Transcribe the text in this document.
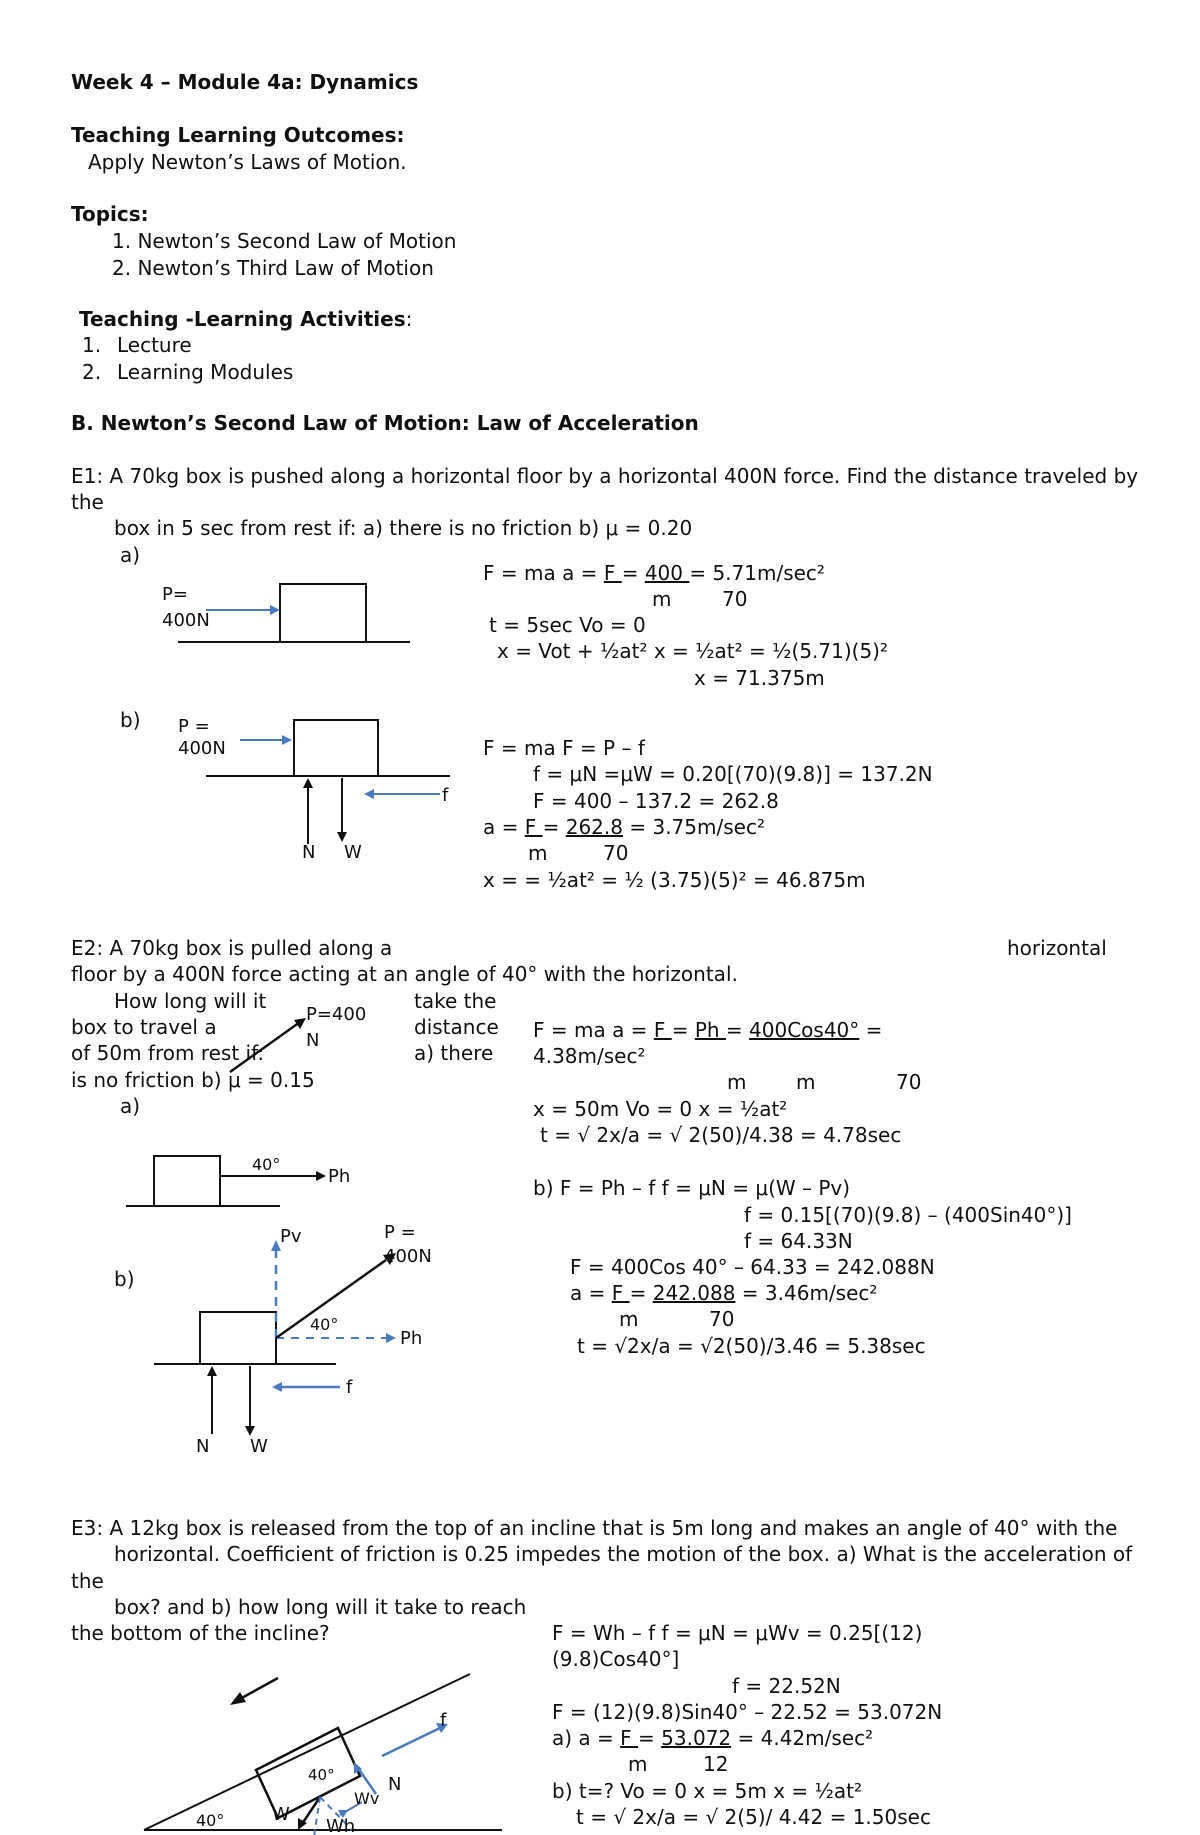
Week 4 – Module 4a: Dynamics
Teaching Learning Outcomes:
Apply Newton’s Laws of Motion.
Topics:
1. Newton’s Second Law of Motion
2. Newton’s Third Law of Motion
Teaching -Learning Activities:
1. Lecture
2. Learning Modules
B. Newton’s Second Law of Motion: Law of Acceleration
E1: A 70kg box is pushed along a horizontal floor by a horizontal 400N force. Find the distance traveled by
the
box in 5 sec from rest if: a) there is no friction b) μ = 0.20
a)
P=
400N
b) P =
400N
f
N W
F = ma a = F = 400 = 5.71m/sec²
m	70
t = 5sec Vo = 0
x = Vot + ½at² x = ½at² = ½(5.71)(5)²
x = 71.375m
F = ma F = P – f
f = μN =μW = 0.20[(70)(9.8)] = 137.2N
F = 400 – 137.2 = 262.8
a = F = 262.8 = 3.75m/sec²
m	70
x = = ½at² = ½ (3.75)(5)² = 46.875m
E2: A 70kg box is pulled along a	horizontal
floor by a 400N force acting at an angle of 40° with the horizontal.
How long will it
box to travel a
of 50m from rest if:
is no friction b) μ = 0.15
take the
distance
a) there
P=400
N
a)
40°
Ph
b)
Pv	P =
400N
40°
Ph
f
N W
F = ma a = F = Ph = 400Cos40° =
4.38m/sec²
m m	70
x = 50m Vo = 0 x = ½at²
t = √ 2x/a = √ 2(50)/4.38 = 4.78sec
b) F = Ph – f f = μN = μ(W – Pv)
f = 0.15[(70)(9.8) – (400Sin40°)]
f = 64.33N
F = 400Cos 40° – 64.33 = 242.088N
a = F = 242.088 = 3.46m/sec²
m	70
t = √2x/a = √2(50)/3.46 = 5.38sec
E3: A 12kg box is released from the top of an incline that is 5m long and makes an angle of 40° with the
horizontal. Coefficient of friction is 0.25 impedes the motion of the box. a) What is the acceleration of
the
box? and b) how long will it take to reach
the bottom of the incline?
f
N
Wv
40°
40°	W
Wh
F = Wh – f f = μN = μWv = 0.25[(12)
(9.8)Cos40°]
f = 22.52N
F = (12)(9.8)Sin40° – 22.52 = 53.072N
a) a = F = 53.072 = 4.42m/sec²
m	12
b) t=? Vo = 0 x = 5m x = ½at²
t = √ 2x/a = √ 2(5)/ 4.42 = 1.50sec
